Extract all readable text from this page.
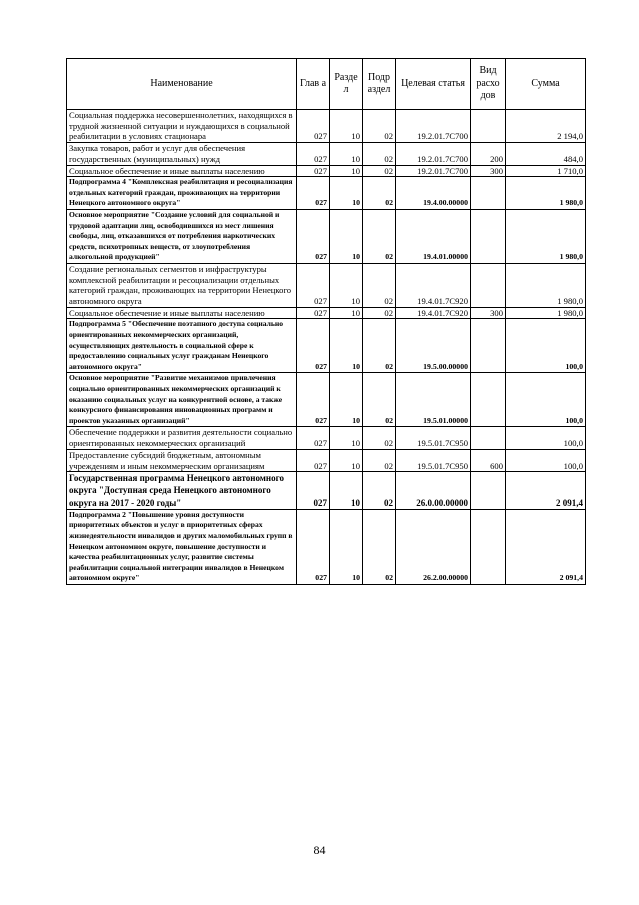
Наименование	Глав а	Разде л	Подр аздел	Целевая статья	Вид расхо дов	Сумма
Социальная поддержка несовершеннолетних, находящихся в трудной жизненной ситуации и нуждающихся в социальной реабилитации в условиях стационара	027	10	02	19.2.01.7С700		2 194,0
Закупка товаров, работ и услуг для обеспечения государственных (муниципальных) нужд	027	10	02	19.2.01.7С700	200	484,0
Социальное обеспечение и иные выплаты населению	027	10	02	19.2.01.7С700	300	1 710,0
Подпрограмма 4 "Комплексная реабилитация и ресоциализация отдельных категорий граждан, проживающих на территории Ненецкого автономного округа"	027	10	02	19.4.00.00000		1 980,0
Основное мероприятие "Создание условий для социальной и трудовой адаптации лиц, освободившихся из мест лишения свободы, лиц, отказавшихся от потребления наркотических средств, психотропных веществ, от злоупотребления алкогольной продукцией"	027	10	02	19.4.01.00000		1 980,0
Создание региональных сегментов и инфраструктуры комплексной реабилитации и ресоциализации отдельных категорий граждан, проживающих на территории Ненецкого автономного округа	027	10	02	19.4.01.7С920		1 980,0
Социальное обеспечение и иные выплаты населению	027	10	02	19.4.01.7С920	300	1 980,0
Подпрограмма 5 "Обеспечение поэтапного доступа социально ориентированных некоммерческих организаций, осуществляющих деятельность в социальной сфере к предоставлению социальных услуг гражданам Ненецкого автономного округа"	027	10	02	19.5.00.00000		100,0
Основное мероприятие "Развитие механизмов привлечения социально ориентированных некоммерческих организаций к оказанию социальных услуг на конкурентной основе, а также конкурсного финансирования инновационных программ и проектов указанных организаций"	027	10	02	19.5.01.00000		100,0
Обеспечение поддержки и развития деятельности социально ориентированных некоммерческих организаций	027	10	02	19.5.01.7С950		100,0
Предоставление субсидий бюджетным, автономным учреждениям и иным некоммерческим организациям	027	10	02	19.5.01.7С950	600	100,0
Государственная программа Ненецкого автономного округа "Доступная среда Ненецкого автономного округа на 2017 - 2020 годы"	027	10	02	26.0.00.00000		2 091,4
Подпрограмма 2 "Повышение уровня доступности приоритетных объектов и услуг в приоритетных сферах жизнедеятельности инвалидов и других маломобильных групп в Ненецком автономном округе, повышение доступности и качества реабилитационных услуг, развитие системы реабилитации социальной интеграции инвалидов в Ненецком автономном округе"	027	10	02	26.2.00.00000		2 091,4
84
